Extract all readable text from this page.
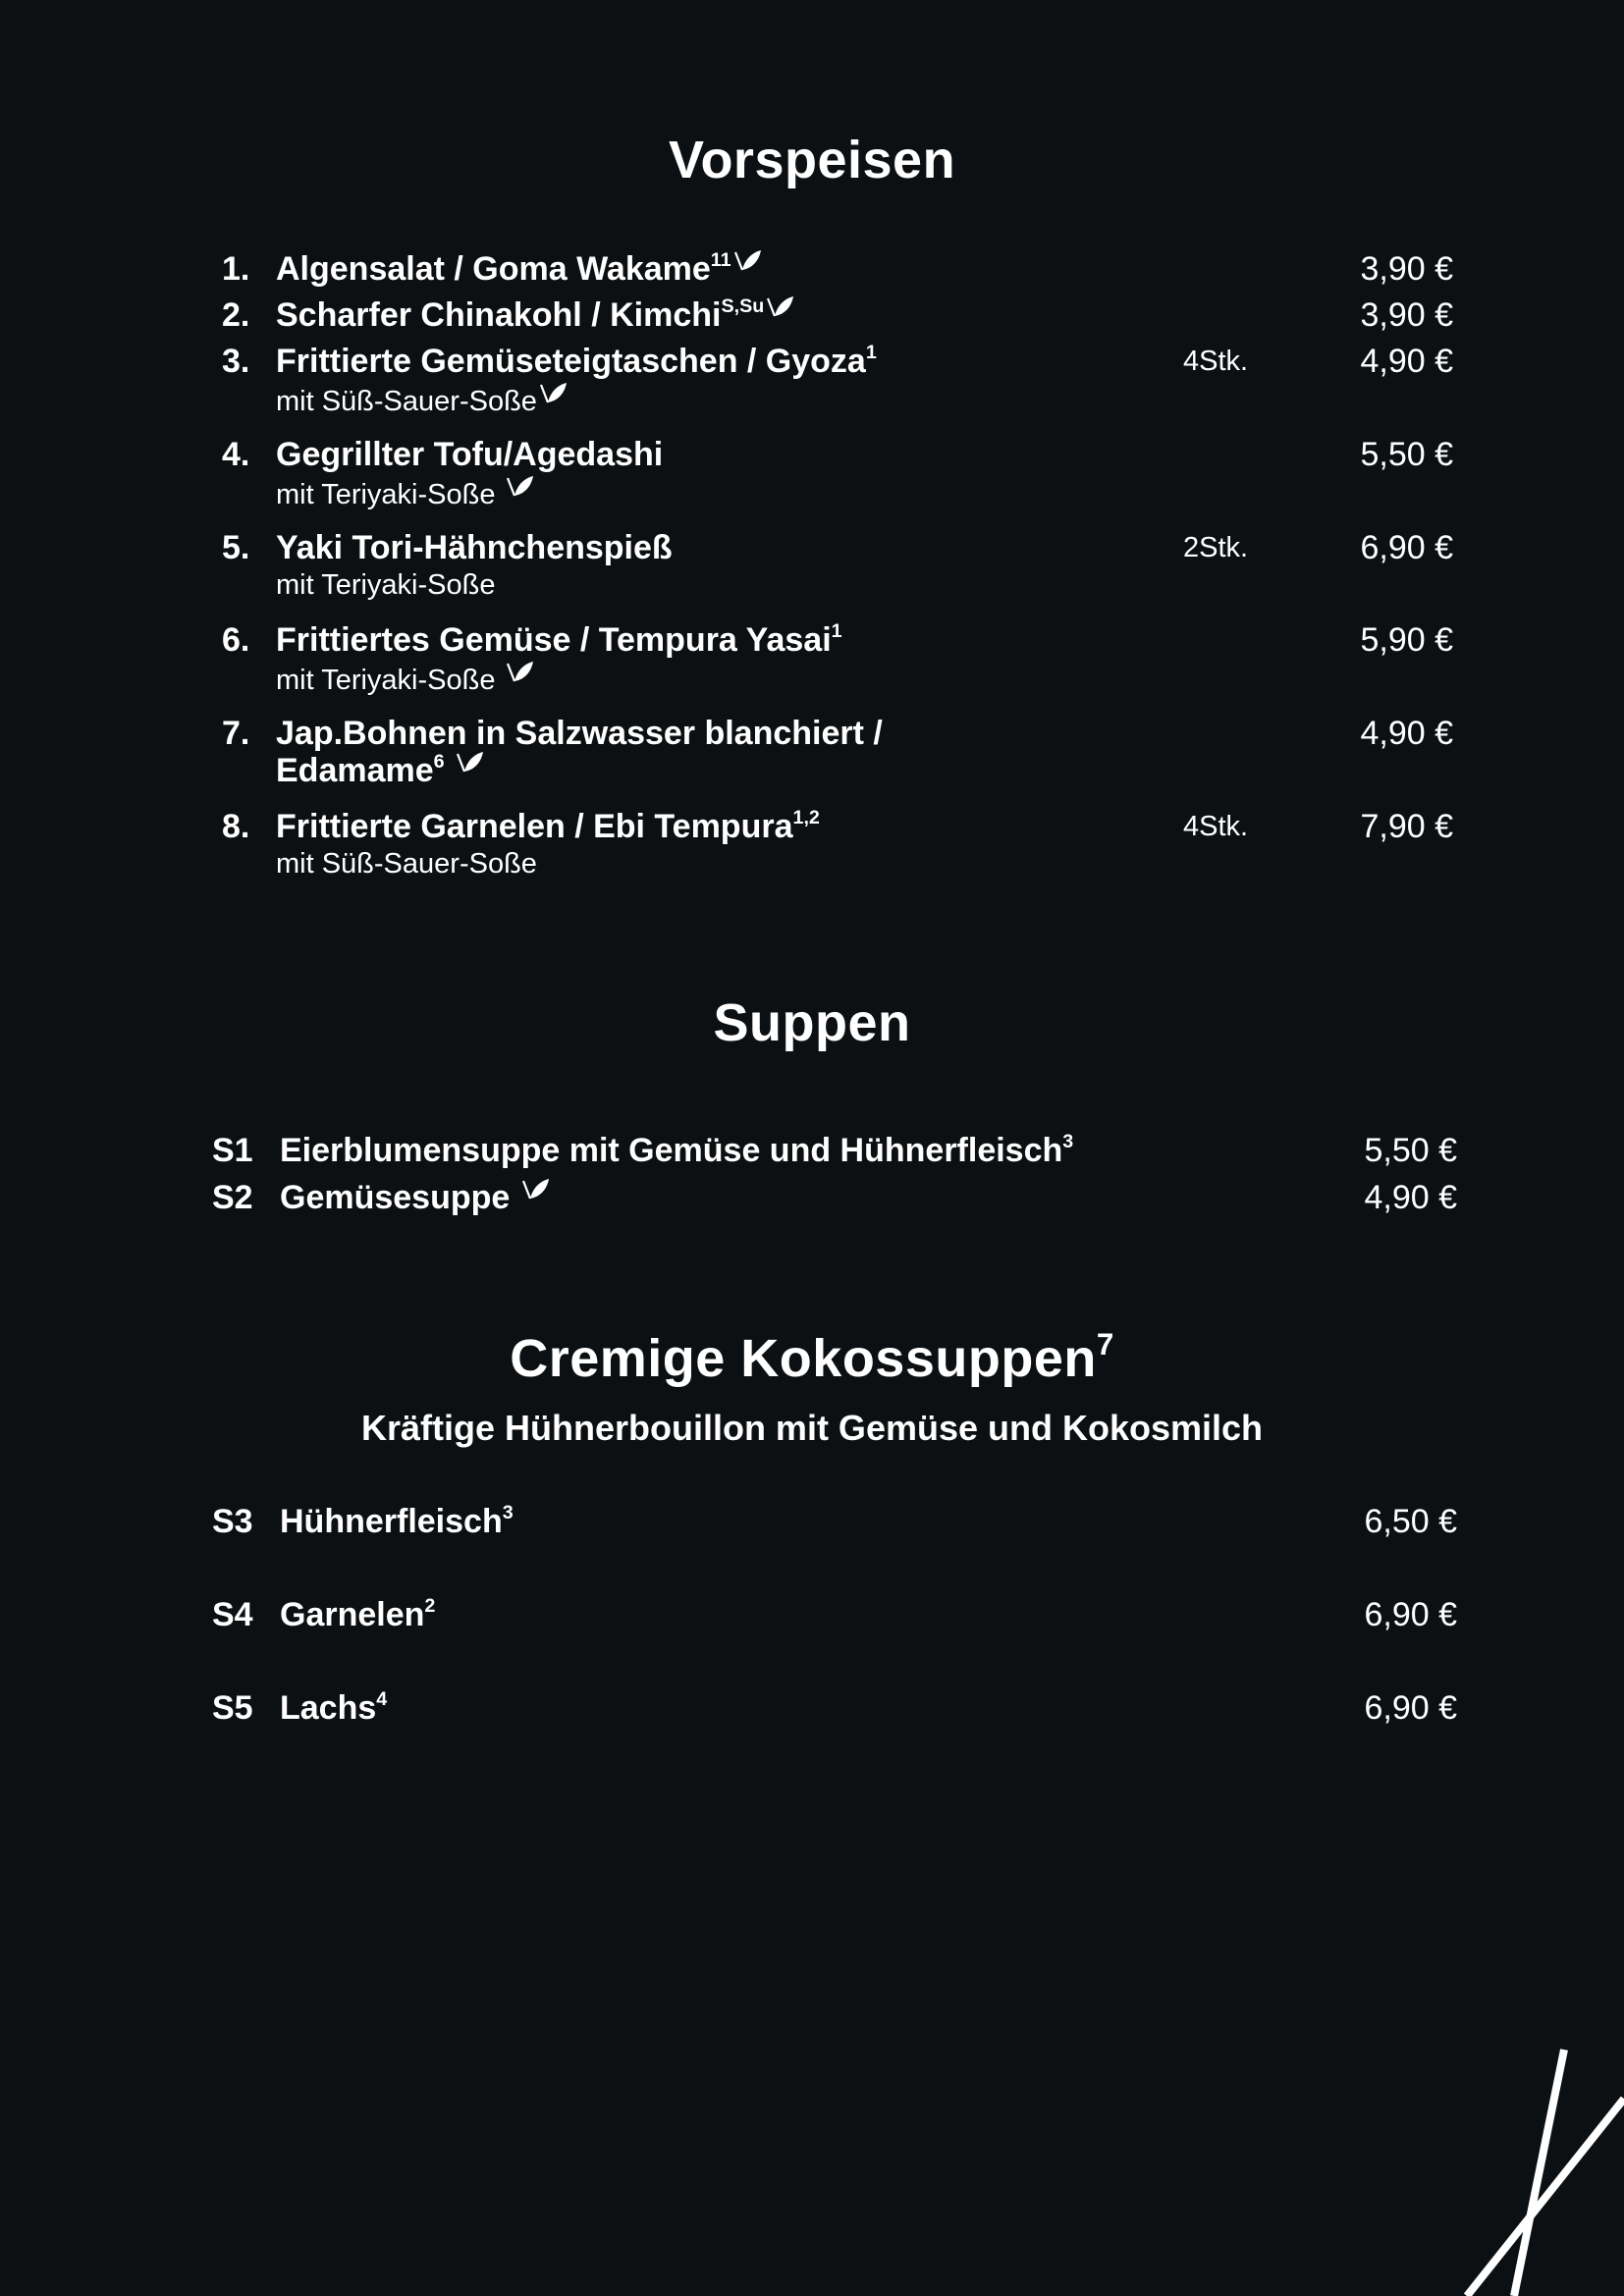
Vorspeisen
1. Algensalat / Goma Wakame$^{11}$	3,90 €
2. Scharfer Chinakohl / Kimchi$^{S,Su}$	3,90 €
3. Frittierte Gemüseteigtaschen / Gyoza$^1$
mit Süß-Sauer-Soße
4Stk.	4,90 €
4. Gegrillter Tofu/Agedashi
mit Teriyaki-Soße
5,50 €
5. Yaki Tori-Hähnchenspieß
mit Teriyaki-Soße
2Stk.	6,90 €
6. Frittiertes Gemüse / Tempura Yasai$^1$
mit Teriyaki-Soße
5,90 €
7. Jap.Bohnen in Salzwasser blanchiert /
Edamame$^6$
4,90 €
8. Frittierte Garnelen / Ebi Tempura$^{1,2}$
mit Süß-Sauer-Soße
4Stk.	7,90 €
Suppen
S1 Eierblumensuppe mit Gemüse und Hühnerfleisch$^3$	5,50 €
S2 Gemüsesuppe	4,90 €
Cremige Kokossuppen$^7$
Kräftige Hühnerbouillon mit Gemüse und Kokosmilch
S3 Hühnerfleisch$^3$	6,50 €
S4 Garnelen$^2$	6,90 €
S5 Lachs$^4$	6,90 €
